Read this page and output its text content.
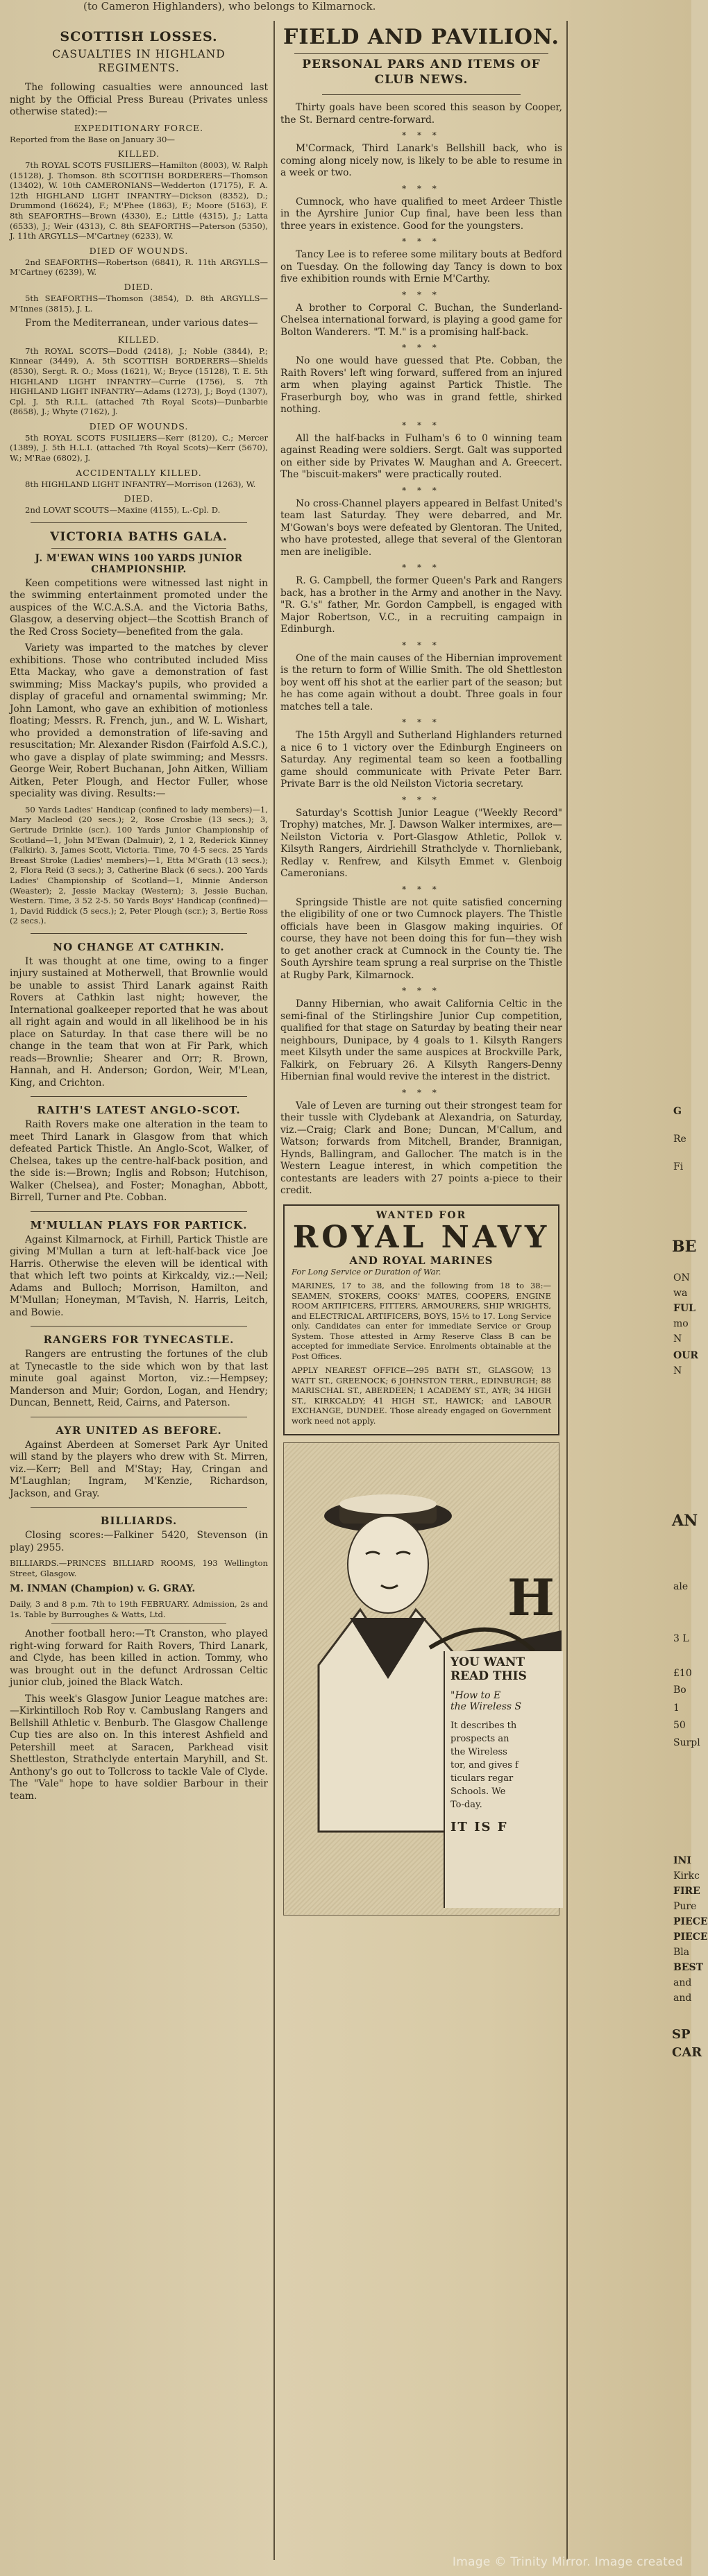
(to Cameron Highlanders), who belongs to Kilmarnock.
SCOTTISH LOSSES.
CASUALTIES IN HIGHLAND REGIMENTS.

The following casualties were announced last night by the Official Press Bureau (Privates unless otherwise stated):—

EXPEDITIONARY FORCE.

Reported from the Base on January 30—

KILLED.

7th ROYAL SCOTS FUSILIERS—Hamilton (8003), W. Ralph (15128), J. Thomson. 8th SCOTTISH BORDERERS—Thomson (13402), W. 10th CAMERONIANS—Wedderton (17175), F. A. 12th HIGHLAND LIGHT INFANTRY—Dickson (8352), D.; Drummond (16624), F.; M'Phee (1863), F.; Moore (5163), F. 8th SEAFORTHS—Brown (4330), E.; Little (4315), J.; Latta (6533), J.; Weir (4313), C. 8th SEAFORTHS—Paterson (5350), J. 11th ARGYLLS—M'Cartney (6233), W.

DIED OF WOUNDS.

2nd SEAFORTHS—Robertson (6841), R. 11th ARGYLLS—M'Cartney (6239), W.

DIED.

5th SEAFORTHS—Thomson (3854), D. 8th ARGYLLS—M'Innes (3815), J. L.

From the Mediterranean, under various dates—

KILLED.

7th ROYAL SCOTS—Dodd (2418), J.; Noble (3844), P.; Kinnear (3449), A. 5th SCOTTISH BORDERERS—Shields (8530), Sergt. R. O.; Moss (1621), W.; Bryce (15128), T. E. 5th HIGHLAND LIGHT INFANTRY—Currie (1756), S. 7th HIGHLAND LIGHT INFANTRY—Adams (1273), J.; Boyd (1307), Cpl. J. 5th R.I.L. (attached 7th Royal Scots)—Dunbarbie (8658), J.; Whyte (7162), J.

DIED OF WOUNDS.

5th ROYAL SCOTS FUSILIERS—Kerr (8120), C.; Mercer (1389), J. 5th H.L.I. (attached 7th Royal Scots)—Kerr (5670), W.; M'Rae (6802), J.

ACCIDENTALLY KILLED.

8th HIGHLAND LIGHT INFANTRY—Morrison (1263), W.

DIED.

2nd LOVAT SCOUTS—Maxine (4155), L.-Cpl. D.

VICTORIA BATHS GALA.
J. M'EWAN WINS 100 YARDS JUNIOR CHAMPIONSHIP.

Keen competitions were witnessed last night in the swimming entertainment promoted under the auspices of the W.C.A.S.A. and the Victoria Baths, Glasgow, a deserving object—the Scottish Branch of the Red Cross Society—benefited from the gala.

Variety was imparted to the matches by clever exhibitions. Those who contributed included Miss Etta Mackay, who gave a demonstration of fast swimming; Miss Mackay's pupils, who provided a display of graceful and ornamental swimming; Mr. John Lamont, who gave an exhibition of motionless floating; Messrs. R. French, jun., and W. L. Wishart, who provided a demonstration of life-saving and resuscitation; Mr. Alexander Risdon (Fairfold A.S.C.), who gave a display of plate swimming; and Messrs. George Weir, Robert Buchanan, John Aitken, William Aitken, Peter Plough, and Hector Fuller, whose speciality was diving. Results:—

50 Yards Ladies' Handicap (confined to lady members)—1, Mary Macleod (20 secs.); 2, Rose Crosbie (13 secs.); 3, Gertrude Drinkie (scr.). 100 Yards Junior Championship of Scotland—1, John M'Ewan (Dalmuir), 2, 1 2, Rederick Kinney (Falkirk). 3, James Scott, Victoria. Time, 70 4-5 secs. 25 Yards Breast Stroke (Ladies' members)—1, Etta M'Grath (13 secs.); 2, Flora Reid (3 secs.); 3, Catherine Black (6 secs.). 200 Yards Ladies' Championship of Scotland—1, Minnie Anderson (Weaster); 2, Jessie Mackay (Western); 3, Jessie Buchan, Western. Time, 3 52 2-5. 50 Yards Boys' Handicap (confined)—1, David Riddick (5 secs.); 2, Peter Plough (scr.); 3, Bertie Ross (2 secs.).

NO CHANGE AT CATHKIN.

It was thought at one time, owing to a finger injury sustained at Motherwell, that Brownlie would be unable to assist Third Lanark against Raith Rovers at Cathkin last night; however, the International goalkeeper reported that he was about all right again and would in all likelihood be in his place on Saturday. In that case there will be no change in the team that won at Fir Park, which reads—Brownlie; Shearer and Orr; R. Brown, Hannah, and H. Anderson; Gordon, Weir, M'Lean, King, and Crichton.

RAITH'S LATEST ANGLO-SCOT.

Raith Rovers make one alteration in the team to meet Third Lanark in Glasgow from that which defeated Partick Thistle. An Anglo-Scot, Walker, of Chelsea, takes up the centre-half-back position, and the side is:—Brown; Inglis and Robson; Hutchison, Walker (Chelsea), and Foster; Monaghan, Abbott, Birrell, Turner and Pte. Cobban.

M'MULLAN PLAYS FOR PARTICK.

Against Kilmarnock, at Firhill, Partick Thistle are giving M'Mullan a turn at left-half-back vice Joe Harris. Otherwise the eleven will be identical with that which left two points at Kirkcaldy, viz.:—Neil; Adams and Bulloch; Morrison, Hamilton, and M'Mullan; Honeyman, M'Tavish, N. Harris, Leitch, and Bowie.

RANGERS FOR TYNECASTLE.

Rangers are entrusting the fortunes of the club at Tynecastle to the side which won by that last minute goal against Morton, viz.:—Hempsey; Manderson and Muir; Gordon, Logan, and Hendry; Duncan, Bennett, Reid, Cairns, and Paterson.

AYR UNITED AS BEFORE.

Against Aberdeen at Somerset Park Ayr United will stand by the players who drew with St. Mirren, viz.—Kerr; Bell and M'Stay; Hay, Cringan and M'Laughlan; Ingram, M'Kenzie, Richardson, Jackson, and Gray.

BILLIARDS.

Closing scores:—Falkiner 5420, Stevenson (in play) 2955.

BILLIARDS.—PRINCES BILLIARD ROOMS, 193 Wellington Street, Glasgow.

M. INMAN (Champion) v. G. GRAY.

Daily, 3 and 8 p.m. 7th to 19th FEBRUARY. Admission, 2s and 1s. Table by Burroughes & Watts, Ltd.

Another football hero:—Tt Cranston, who played right-wing forward for Raith Rovers, Third Lanark, and Clyde, has been killed in action. Tommy, who was brought out in the defunct Ardrossan Celtic junior club, joined the Black Watch.

This week's Glasgow Junior League matches are:—Kirkintilloch Rob Roy v. Cambuslang Rangers and Bellshill Athletic v. Benburb. The Glasgow Challenge Cup ties are also on. In this interest Ashfield and Petershill meet at Saracen, Parkhead visit Shettleston, Strathclyde entertain Maryhill, and St. Anthony's go out to Tollcross to tackle Vale of Clyde. The "Vale" hope to have soldier Barbour in their team.

FIELD AND PAVILION.
PERSONAL PARS AND ITEMS OF CLUB NEWS.

Thirty goals have been scored this season by Cooper, the St. Bernard centre-forward.

* * *

M'Cormack, Third Lanark's Bellshill back, who is coming along nicely now, is likely to be able to resume in a week or two.

* * *

Cumnock, who have qualified to meet Ardeer Thistle in the Ayrshire Junior Cup final, have been less than three years in existence. Good for the youngsters.

* * *

Tancy Lee is to referee some military bouts at Bedford on Tuesday. On the following day Tancy is down to box five exhibition rounds with Ernie M'Carthy.

* * *

A brother to Corporal C. Buchan, the Sunderland-Chelsea international forward, is playing a good game for Bolton Wanderers. "T. M." is a promising half-back.

* * *

No one would have guessed that Pte. Cobban, the Raith Rovers' left wing forward, suffered from an injured arm when playing against Partick Thistle. The Fraserburgh boy, who was in grand fettle, shirked nothing.

* * *

All the half-backs in Fulham's 6 to 0 winning team against Reading were soldiers. Sergt. Galt was supported on either side by Privates W. Maughan and A. Greecert. The "biscuit-makers" were practically routed.

* * *

No cross-Channel players appeared in Belfast United's team last Saturday. They were debarred, and Mr. M'Gowan's boys were defeated by Glentoran. The United, who have protested, allege that several of the Glentoran men are ineligible.

* * *

R. G. Campbell, the former Queen's Park and Rangers back, has a brother in the Army and another in the Navy. "R. G.'s" father, Mr. Gordon Campbell, is engaged with Major Robertson, V.C., in a recruiting campaign in Edinburgh.

* * *

One of the main causes of the Hibernian improvement is the return to form of Willie Smith. The old Shettleston boy went off his shot at the earlier part of the season; but he has come again without a doubt. Three goals in four matches tell a tale.

* * *

The 15th Argyll and Sutherland Highlanders returned a nice 6 to 1 victory over the Edinburgh Engineers on Saturday. Any regimental team so keen a footballing game should communicate with Private Peter Barr. Private Barr is the old Neilston Victoria secretary.

* * *

Saturday's Scottish Junior League ("Weekly Record" Trophy) matches, Mr. J. Dawson Walker intermixes, are—Neilston Victoria v. Port-Glasgow Athletic, Pollok v. Kilsyth Rangers, Airdriehill Strathclyde v. Thornliebank, Redlay v. Renfrew, and Kilsyth Emmet v. Glenboig Cameronians.

* * *

Springside Thistle are not quite satisfied concerning the eligibility of one or two Cumnock players. The Thistle officials have been in Glasgow making inquiries. Of course, they have not been doing this for fun—they wish to get another crack at Cumnock in the County tie. The South Ayrshire team sprung a real surprise on the Thistle at Rugby Park, Kilmarnock.

* * *

Danny Hibernian, who await California Celtic in the semi-final of the Stirlingshire Junior Cup competition, qualified for that stage on Saturday by beating their near neighbours, Dunipace, by 4 goals to 1. Kilsyth Rangers meet Kilsyth under the same auspices at Brockville Park, Falkirk, on February 26. A Kilsyth Rangers-Denny Hibernian final would revive the interest in the district.

* * *

Vale of Leven are turning out their strongest team for their tussle with Clydebank at Alexandria, on Saturday, viz.—Craig; Clark and Bone; Duncan, M'Callum, and Watson; forwards from Mitchell, Brander, Brannigan, Hynds, Ballingram, and Gallocher. The match is in the Western League interest, in which competition the contestants are leaders with 27 points a-piece to their credit.

WANTED FOR
ROYAL NAVY
AND ROYAL MARINES

For Long Service or Duration of War.

MARINES, 17 to 38, and the following from 18 to 38:—SEAMEN, STOKERS, COOKS' MATES, COOPERS, ENGINE ROOM ARTIFICERS, FITTERS, ARMOURERS, SHIP WRIGHTS, and ELECTRICAL ARTIFICERS, BOYS, 15½ to 17. Long Service only. Candidates can enter for immediate Service or Group System. Those attested in Army Reserve Class B can be accepted for immediate Service. Enrolments obtainable at the Post Offices.

APPLY NEAREST OFFICE—295 BATH ST., GLASGOW; 13 WATT ST., GREENOCK; 6 JOHNSTON TERR., EDINBURGH; 88 MARISCHAL ST., ABERDEEN; 1 ACADEMY ST., AYR; 34 HIGH ST., KIRKCALDY; 41 HIGH ST., HAWICK; and LABOUR EXCHANGE, DUNDEE. Those already engaged on Government work need not apply.

H
YOU WANT
READ THIS
"How to E
the Wireless S
It describes th
prospects an
the Wireless
tor, and gives f
ticulars regar
Schools. We
To-day.
IT IS F
G
Re
Fi
BE
ON
wa
FUL
mo
N
OUR
N
AN
ale
3 L
£10
Bo
1
50
Surpl
INI
Kirkc
FIRE
Pure
PIECE
PIECE
Bla
BEST
and
and
SP
CAR
Image © Trinity Mirror. Image created
